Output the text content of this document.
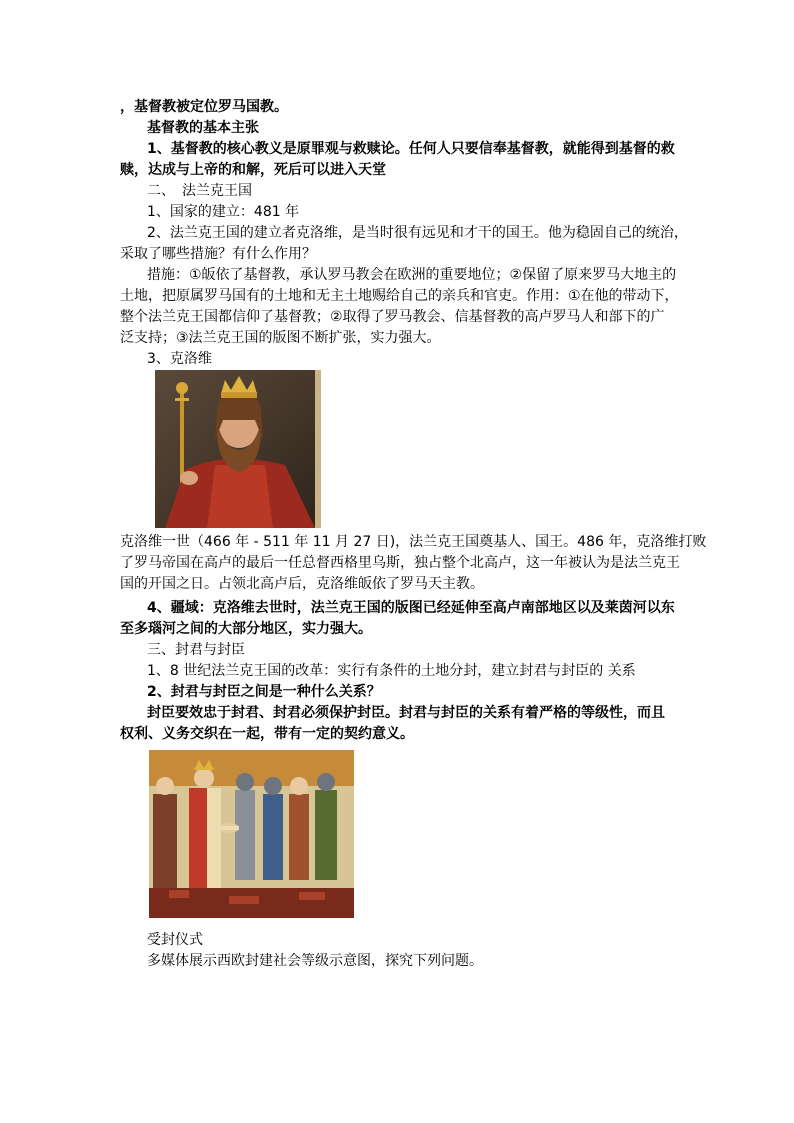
，基督教被定位罗马国教。
基督教的基本主张
1、基督教的核心教义是原罪观与救赎论。任何人只要信奉基督教，就能得到基督的救
赎，达成与上帝的和解，死后可以进入天堂
二、　法兰克王国
1、国家的建立：481 年
2、法兰克王国的建立者克洛维，是当时很有远见和才干的国王。他为稳固自己的统治，
采取了哪些措施？有什么作用？
措施：①皈依了基督教，承认罗马教会在欧洲的重要地位；②保留了原来罗马大地主的
土地，把原属罗马国有的土地和无主土地赐给自己的亲兵和官吏。作用：①在他的带动下，
整个法兰克王国都信仰了基督教；②取得了罗马教会、信基督教的高卢罗马人和部下的广
泛支持；③法兰克王国的版图不断扩张，实力强大。
3、克洛维
克洛维一世（466 年 - 511 年 11 月 27 日)，法兰克王国奠基人、国王。486 年，克洛维打败
了罗马帝国在高卢的最后一任总督西格里乌斯，独占整个北高卢，这一年被认为是法兰克王
国的开国之日。占领北高卢后，克洛维皈依了罗马天主教。
4、疆域：克洛维去世时，法兰克王国的版图已经延伸至高卢南部地区以及莱茵河以东
至多瑙河之间的大部分地区，实力强大。
三、封君与封臣
1、8 世纪法兰克王国的改革：实行有条件的土地分封，建立封君与封臣的 关系
2、封君与封臣之间是一种什么关系？
封臣要效忠于封君、封君必须保护封臣。封君与封臣的关系有着严格的等级性，而且
权利、义务交织在一起，带有一定的契约意义。
受封仪式
多媒体展示西欧封建社会等级示意图，探究下列问题。
